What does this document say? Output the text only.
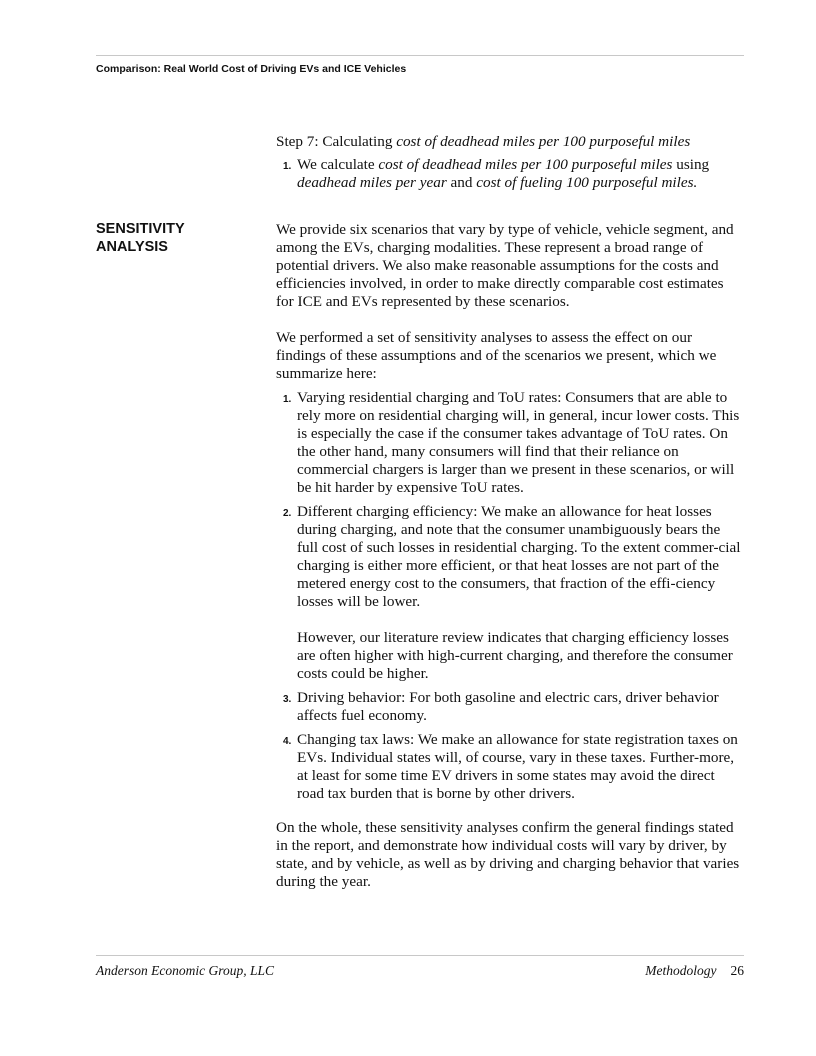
Comparison: Real World Cost of Driving EVs and ICE Vehicles

Step 7: Calculating cost of deadhead miles per 100 purposeful miles

1. We calculate cost of deadhead miles per 100 purposeful miles using deadhead miles per year and cost of fueling 100 purposeful miles.
SENSITIVITY ANALYSIS

We provide six scenarios that vary by type of vehicle, vehicle segment, and among the EVs, charging modalities. These represent a broad range of potential drivers. We also make reasonable assumptions for the costs and efficiencies involved, in order to make directly comparable cost estimates for ICE and EVs represented by these scenarios.

We performed a set of sensitivity analyses to assess the effect on our findings of these assumptions and of the scenarios we present, which we summarize here:

1. Varying residential charging and ToU rates: Consumers that are able to rely more on residential charging will, in general, incur lower costs. This is especially the case if the consumer takes advantage of ToU rates. On the other hand, many consumers will find that their reliance on commercial chargers is larger than we present in these scenarios, or will be hit harder by expensive ToU rates.
2. Different charging efficiency: We make an allowance for heat losses during charging, and note that the consumer unambiguously bears the full cost of such losses in residential charging. To the extent commer-cial charging is either more efficient, or that heat losses are not part of the metered energy cost to the consumers, that fraction of the effi-ciency losses will be lower.

However, our literature review indicates that charging efficiency losses are often higher with high-current charging, and therefore the consumer costs could be higher.

3. Driving behavior: For both gasoline and electric cars, driver behavior affects fuel economy.
4. Changing tax laws: We make an allowance for state registration taxes on EVs. Individual states will, of course, vary in these taxes. Further-more, at least for some time EV drivers in some states may avoid the direct road tax burden that is borne by other drivers.

On the whole, these sensitivity analyses confirm the general findings stated in the report, and demonstrate how individual costs will vary by driver, by state, and by vehicle, as well as by driving and charging behavior that varies during the year.

Anderson Economic Group, LLC	Methodology 26
